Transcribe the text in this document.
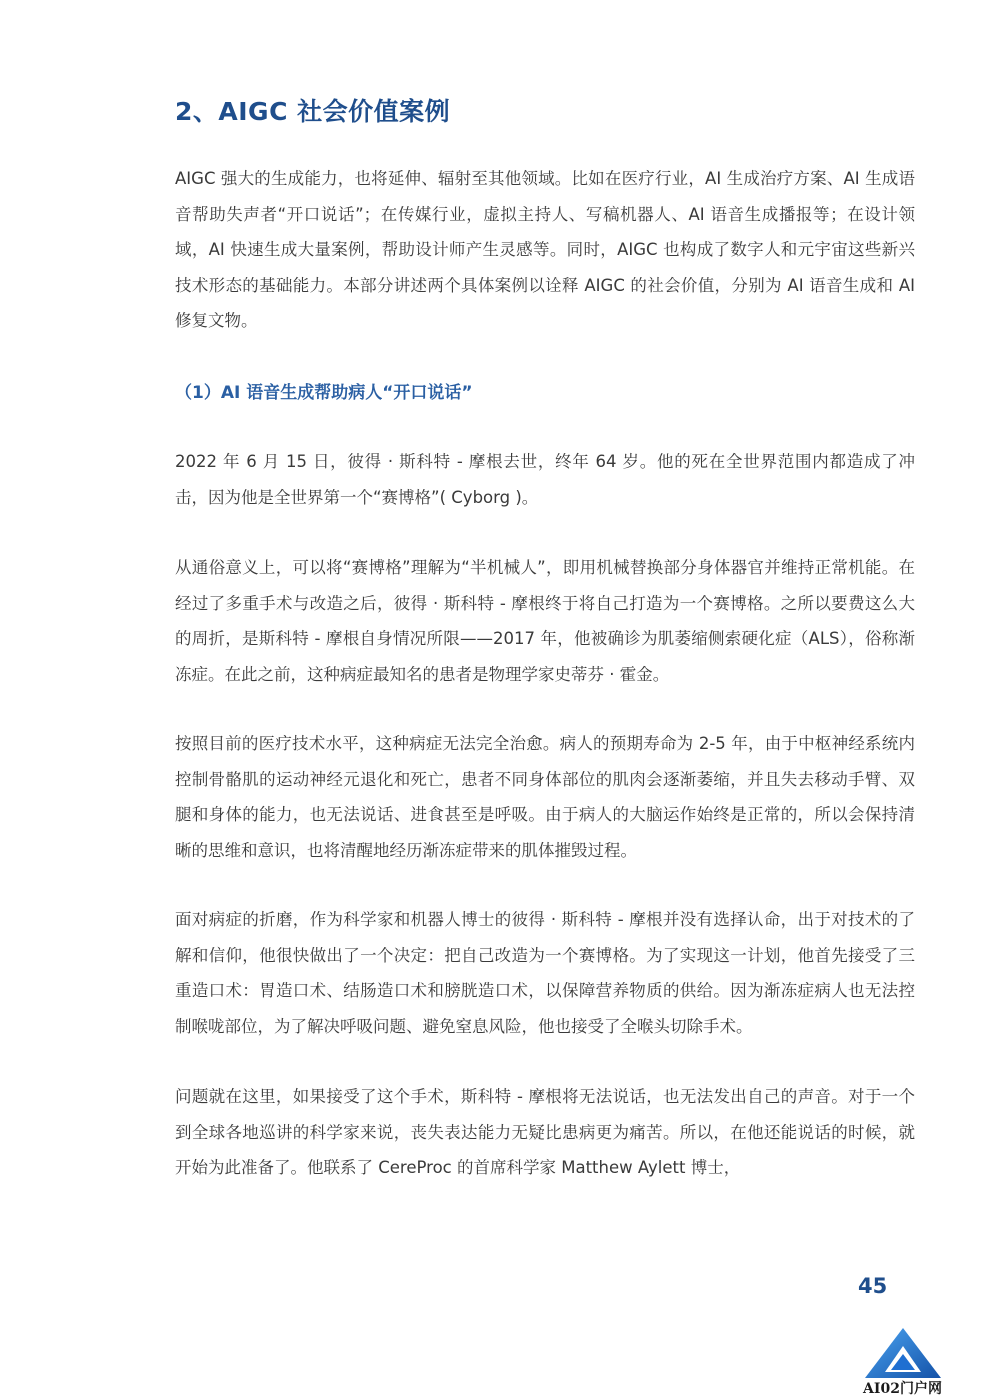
2、AIGC 社会价值案例

AIGC 强大的生成能力，也将延伸、辐射至其他领域。比如在医疗行业，AI 生成治疗方案、AI 生成语音帮助失声者“开口说话”；在传媒行业，虚拟主持人、写稿机器人、AI 语音生成播报等；在设计领域，AI 快速生成大量案例，帮助设计师产生灵感等。同时，AIGC 也构成了数字人和元宇宙这些新兴技术形态的基础能力。本部分讲述两个具体案例以诠释 AIGC 的社会价值，分别为 AI 语音生成和 AI 修复文物。

（1）AI 语音生成帮助病人“开口说话”

2022 年 6 月 15 日，彼得 · 斯科特 - 摩根去世，终年 64 岁。他的死在全世界范围内都造成了冲击，因为他是全世界第一个“赛博格”( Cyborg )。

从通俗意义上，可以将“赛博格”理解为“半机械人”，即用机械替换部分身体器官并维持正常机能。在经过了多重手术与改造之后，彼得 · 斯科特 - 摩根终于将自己打造为一个赛博格。之所以要费这么大的周折，是斯科特 - 摩根自身情况所限——2017 年，他被确诊为肌萎缩侧索硬化症（ALS），俗称渐冻症。在此之前，这种病症最知名的患者是物理学家史蒂芬 · 霍金。

按照目前的医疗技术水平，这种病症无法完全治愈。病人的预期寿命为 2-5 年，由于中枢神经系统内控制骨骼肌的运动神经元退化和死亡，患者不同身体部位的肌肉会逐渐萎缩，并且失去移动手臂、双腿和身体的能力，也无法说话、进食甚至是呼吸。由于病人的大脑运作始终是正常的，所以会保持清晰的思维和意识，也将清醒地经历渐冻症带来的肌体摧毁过程。

面对病症的折磨，作为科学家和机器人博士的彼得 · 斯科特 - 摩根并没有选择认命，出于对技术的了解和信仰，他很快做出了一个决定：把自己改造为一个赛博格。为了实现这一计划，他首先接受了三重造口术：胃造口术、结肠造口术和膀胱造口术，以保障营养物质的供给。因为渐冻症病人也无法控制喉咙部位，为了解决呼吸问题、避免窒息风险，他也接受了全喉头切除手术。

问题就在这里，如果接受了这个手术，斯科特 - 摩根将无法说话，也无法发出自己的声音。对于一个到全球各地巡讲的科学家来说，丧失表达能力无疑比患病更为痛苦。所以，在他还能说话的时候，就开始为此准备了。他联系了 CereProc 的首席科学家 Matthew Aylett 博士，

45
AI02门户网
